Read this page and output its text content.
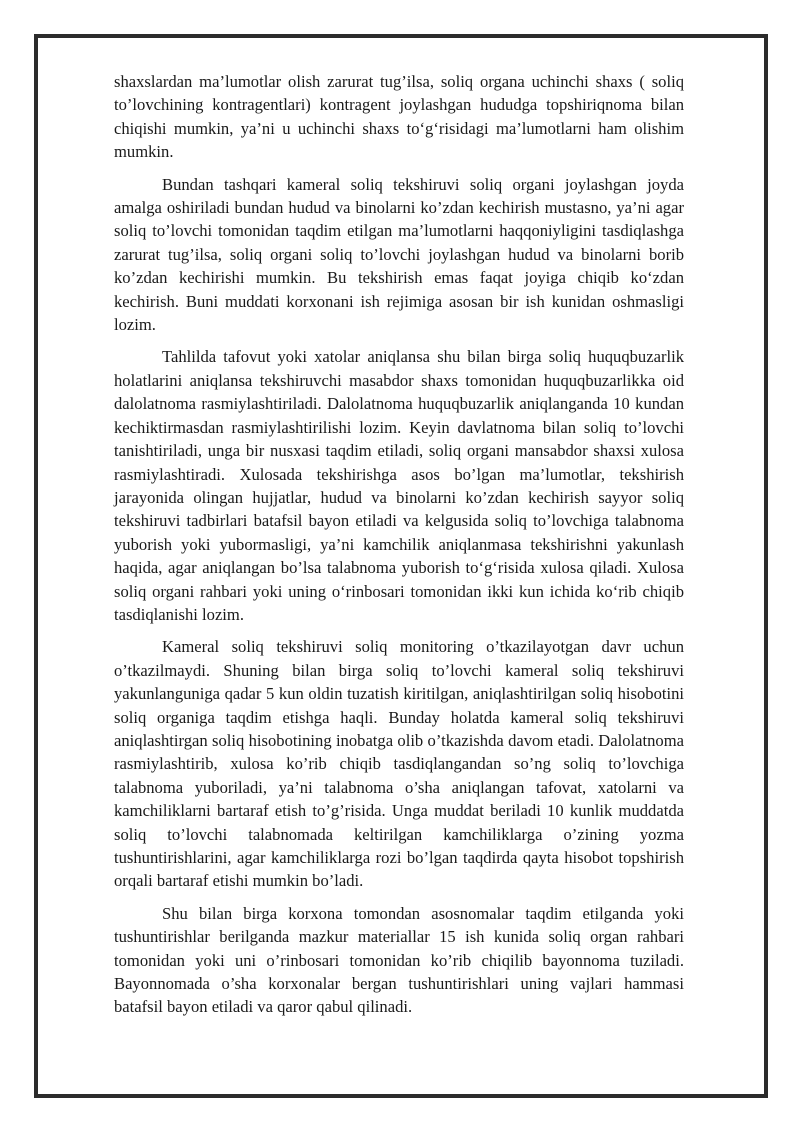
shaxslardan ma’lumotlar olish zarurat tug’ilsa, soliq organa uchinchi shaxs ( soliq to’lovchining kontragentlari) kontragent joylashgan hududga topshiriqnoma bilan chiqishi mumkin, ya’ni u uchinchi shaxs to‘g‘risidagi ma’lumotlarni ham olishim mumkin.

Bundan tashqari kameral soliq tekshiruvi soliq organi joylashgan joyda amalga oshiriladi bundan hudud va binolarni ko’zdan kechirish mustasno, ya’ni agar soliq to’lovchi tomonidan taqdim etilgan ma’lumotlarni haqqoniyligini tasdiqlashga zarurat tug’ilsa, soliq organi soliq to’lovchi joylashgan hudud va binolarni borib ko’zdan kechirishi mumkin. Bu tekshirish emas faqat joyiga chiqib ko‘zdan kechirish. Buni muddati korxonani ish rejimiga asosan bir ish kunidan oshmasligi lozim.

Tahlilda tafovut yoki xatolar aniqlansa shu bilan birga soliq huquqbuzarlik holatlarini aniqlansa tekshiruvchi masabdor shaxs tomonidan huquqbuzarlikka oid dalolatnoma rasmiylashtiriladi. Dalolatnoma huquqbuzarlik aniqlanganda 10 kundan kechiktirmasdan rasmiylashtirilishi lozim. Keyin davlatnoma bilan soliq to’lovchi tanishtiriladi, unga bir nusxasi taqdim etiladi, soliq organi mansabdor shaxsi xulosa rasmiylashtiradi. Xulosada tekshirishga asos bo’lgan ma’lumotlar, tekshirish jarayonida olingan hujjatlar, hudud va binolarni ko’zdan kechirish sayyor soliq tekshiruvi tadbirlari batafsil bayon etiladi va kelgusida soliq to’lovchiga talabnoma yuborish yoki yubormasligi, ya’ni kamchilik aniqlanmasa tekshirishni yakunlash haqida, agar aniqlangan bo’lsa talabnoma yuborish to‘g‘risida xulosa qiladi. Xulosa soliq organi rahbari yoki uning o‘rinbosari tomonidan ikki kun ichida ko‘rib chiqib tasdiqlanishi lozim.

Kameral soliq tekshiruvi soliq monitoring o’tkazilayotgan davr uchun o’tkazilmaydi. Shuning bilan birga soliq to’lovchi kameral soliq tekshiruvi yakunlanguniga qadar 5 kun oldin tuzatish kiritilgan, aniqlashtirilgan soliq hisobotini soliq organiga taqdim etishga haqli. Bunday holatda kameral soliq tekshiruvi aniqlashtirgan soliq hisobotining inobatga olib o’tkazishda davom etadi. Dalolatnoma rasmiylashtirib, xulosa ko’rib chiqib tasdiqlangandan so’ng soliq to’lovchiga talabnoma yuboriladi, ya’ni talabnoma o’sha aniqlangan tafovat, xatolarni va kamchiliklarni bartaraf etish to’g’risida. Unga muddat beriladi 10 kunlik muddatda soliq to’lovchi talabnomada keltirilgan kamchiliklarga o’zining yozma tushuntirishlarini, agar kamchiliklarga rozi bo’lgan taqdirda qayta hisobot topshirish orqali bartaraf etishi mumkin bo’ladi.

Shu bilan birga korxona tomondan asosnomalar taqdim etilganda yoki tushuntirishlar berilganda mazkur materiallar 15 ish kunida soliq organ rahbari tomonidan yoki uni o’rinbosari tomonidan ko’rib chiqilib bayonnoma tuziladi. Bayonnomada o’sha korxonalar bergan tushuntirishlari uning vajlari hammasi batafsil bayon etiladi va qaror qabul qilinadi.
